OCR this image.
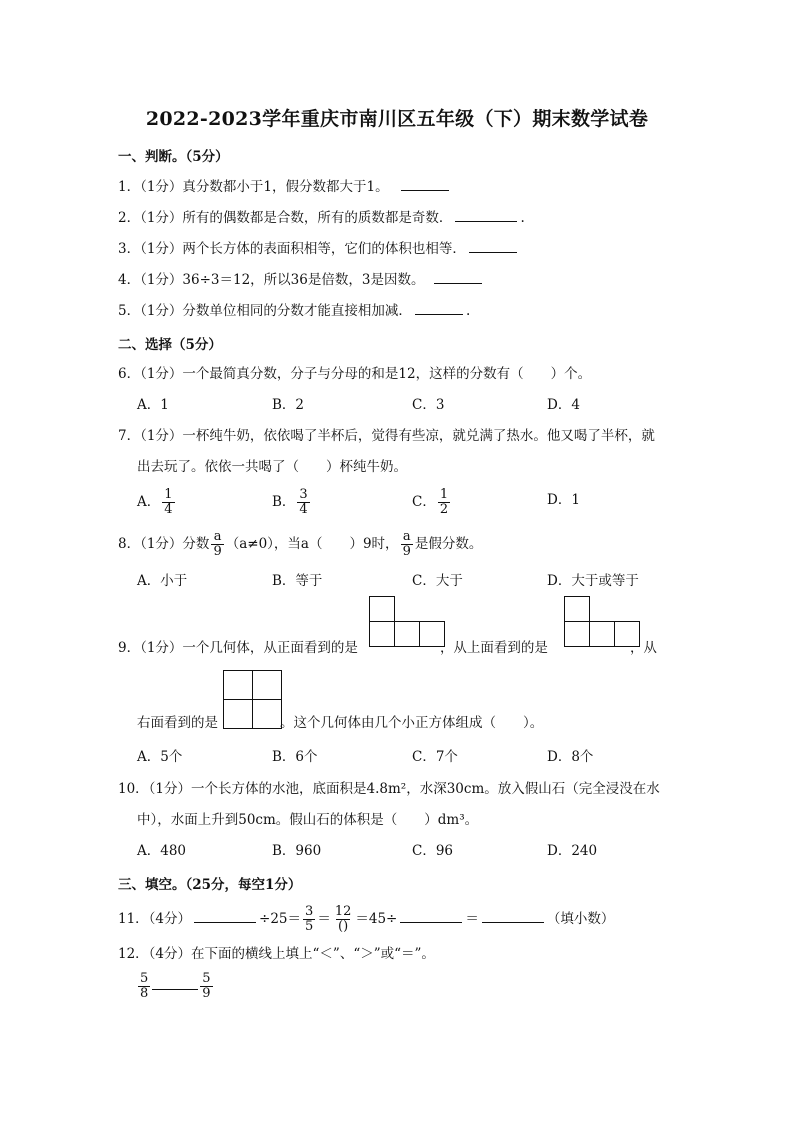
2022-2023学年重庆市南川区五年级（下）期末数学试卷
一、判断。（5分）
1．（1分）真分数都小于1，假分数都大于1。
2．（1分）所有的偶数都是合数，所有的质数都是奇数．	.
3．（1分）两个长方体的表面积相等，它们的体积也相等．
4．（1分）36÷3＝12，所以36是倍数，3是因数。
5．（1分）分数单位相同的分数才能直接相加减．	.
二、选择（5分）
6．（1分）一个最简真分数，分子与分母的和是12，这样的分数有（　　）个。
A．1	B．2	C．3	D．4
7．（1分）一杯纯牛奶，依依喝了半杯后，觉得有些凉，就兑满了热水。他又喝了半杯，就
出去玩了。依依一共喝了（　　）杯纯牛奶。
A． $\frac{1}{4}$	B． $\frac{3}{4}$	C． $\frac{1}{2}$	D．1
8．（1分）分数 $\frac{a}{9} (a\ne 0)$，当a（　　）9时， $\frac{a}{9}$ 是假分数。
A．小于	B．等于	C．大于	D．大于或等于
9．（1分）一个几何体，从正面看到的是	，从上面看到的是	，从
右面看到的是	。这个几何体由几个小正方体组成（　　）。
A．5个	B．6个	C．7个	D．8个
10．（1分）一个长方体的水池，底面积是4.8m²，水深30cm。放入假山石（完全浸没在水
中），水面上升到50cm。假山石的体积是（　　）dm³。
A．480	B．960	C．96	D．240
三、填空。（25分，每空1分）
11．（4分）	$\div 25= \frac{3}{5} = \frac{12}{()} =45\div$	＝	（填小数）
12．（4分）在下面的横线上填上“＜”、“＞”或“＝”。
$\frac{5}{8}$	$\frac{5}{9}$
